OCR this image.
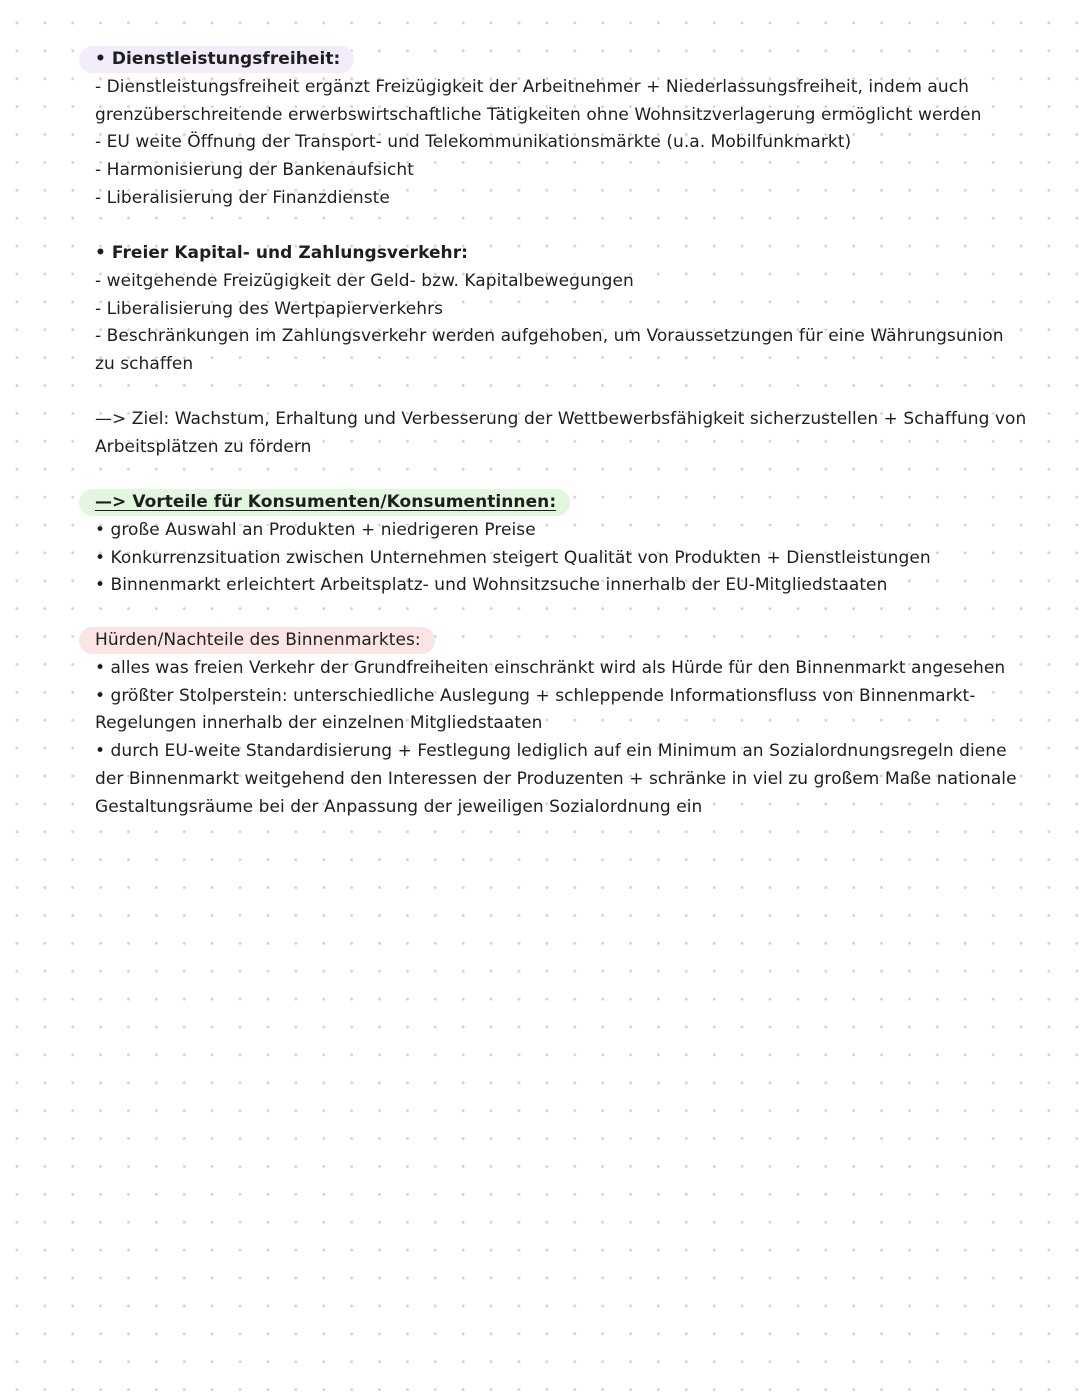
• Dienstleistungsfreiheit:
- Dienstleistungsfreiheit ergänzt Freizügigkeit der Arbeitnehmer + Niederlassungsfreiheit, indem auch
grenzüberschreitende erwerbswirtschaftliche Tätigkeiten ohne Wohnsitzverlagerung ermöglicht werden
- EU weite Öffnung der Transport- und Telekommunikationsmärkte (u.a. Mobilfunkmarkt)
- Harmonisierung der Bankenaufsicht
- Liberalisierung der Finanzdienste
• Freier Kapital- und Zahlungsverkehr:
- weitgehende Freizügigkeit der Geld- bzw. Kapitalbewegungen
- Liberalisierung des Wertpapierverkehrs
- Beschränkungen im Zahlungsverkehr werden aufgehoben, um Voraussetzungen für eine Währungsunion
zu schaffen
—> Ziel: Wachstum, Erhaltung und Verbesserung der Wettbewerbsfähigkeit sicherzustellen + Schaffung von
Arbeitsplätzen zu fördern
—> Vorteile für Konsumenten/Konsumentinnen:
• große Auswahl an Produkten + niedrigeren Preise
• Konkurrenzsituation zwischen Unternehmen steigert Qualität von Produkten + Dienstleistungen
• Binnenmarkt erleichtert Arbeitsplatz- und Wohnsitzsuche innerhalb der EU-Mitgliedstaaten
Hürden/Nachteile des Binnenmarktes:
• alles was freien Verkehr der Grundfreiheiten einschränkt wird als Hürde für den Binnenmarkt angesehen
• größter Stolperstein: unterschiedliche Auslegung + schleppende Informationsfluss von Binnenmarkt-
Regelungen innerhalb der einzelnen Mitgliedstaaten
• durch EU-weite Standardisierung + Festlegung lediglich auf ein Minimum an Sozialordnungsregeln diene
der Binnenmarkt weitgehend den Interessen der Produzenten + schränke in viel zu großem Maße nationale
Gestaltungsräume bei der Anpassung der jeweiligen Sozialordnung ein
